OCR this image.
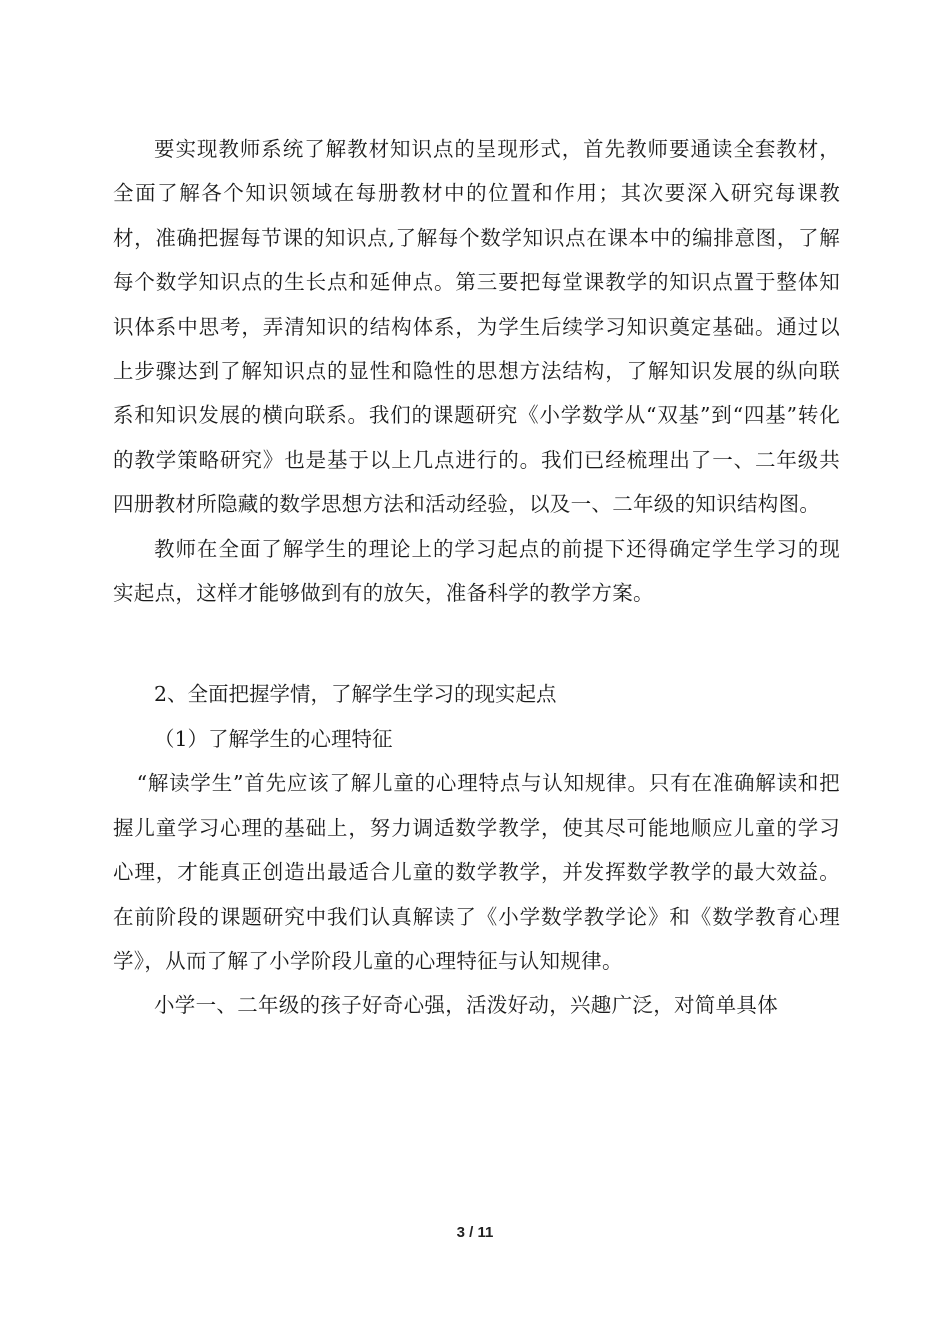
要实现教师系统了解教材知识点的呈现形式，首先教师要通读全套教材，全面了解各个知识领域在每册教材中的位置和作用；其次要深入研究每课教材，准确把握每节课的知识点,了解每个数学知识点在课本中的编排意图，了解每个数学知识点的生长点和延伸点。第三要把每堂课教学的知识点置于整体知识体系中思考，弄清知识的结构体系，为学生后续学习知识奠定基础。通过以上步骤达到了解知识点的显性和隐性的思想方法结构，了解知识发展的纵向联系和知识发展的横向联系。我们的课题研究《小学数学从“双基”到“四基”转化的教学策略研究》也是基于以上几点进行的。我们已经梳理出了一、二年级共四册教材所隐藏的数学思想方法和活动经验，以及一、二年级的知识结构图。

教师在全面了解学生的理论上的学习起点的前提下还得确定学生学习的现实起点，这样才能够做到有的放矢，准备科学的教学方案。

2、全面把握学情，了解学生学习的现实起点

（1）了解学生的心理特征

“解读学生”首先应该了解儿童的心理特点与认知规律。只有在准确解读和把握儿童学习心理的基础上，努力调适数学教学，使其尽可能地顺应儿童的学习心理，才能真正创造出最适合儿童的数学教学，并发挥数学教学的最大效益。在前阶段的课题研究中我们认真解读了《小学数学教学论》和《数学教育心理学》，从而了解了小学阶段儿童的心理特征与认知规律。

小学一、二年级的孩子好奇心强，活泼好动，兴趣广泛，对简单具体

3 / 11
